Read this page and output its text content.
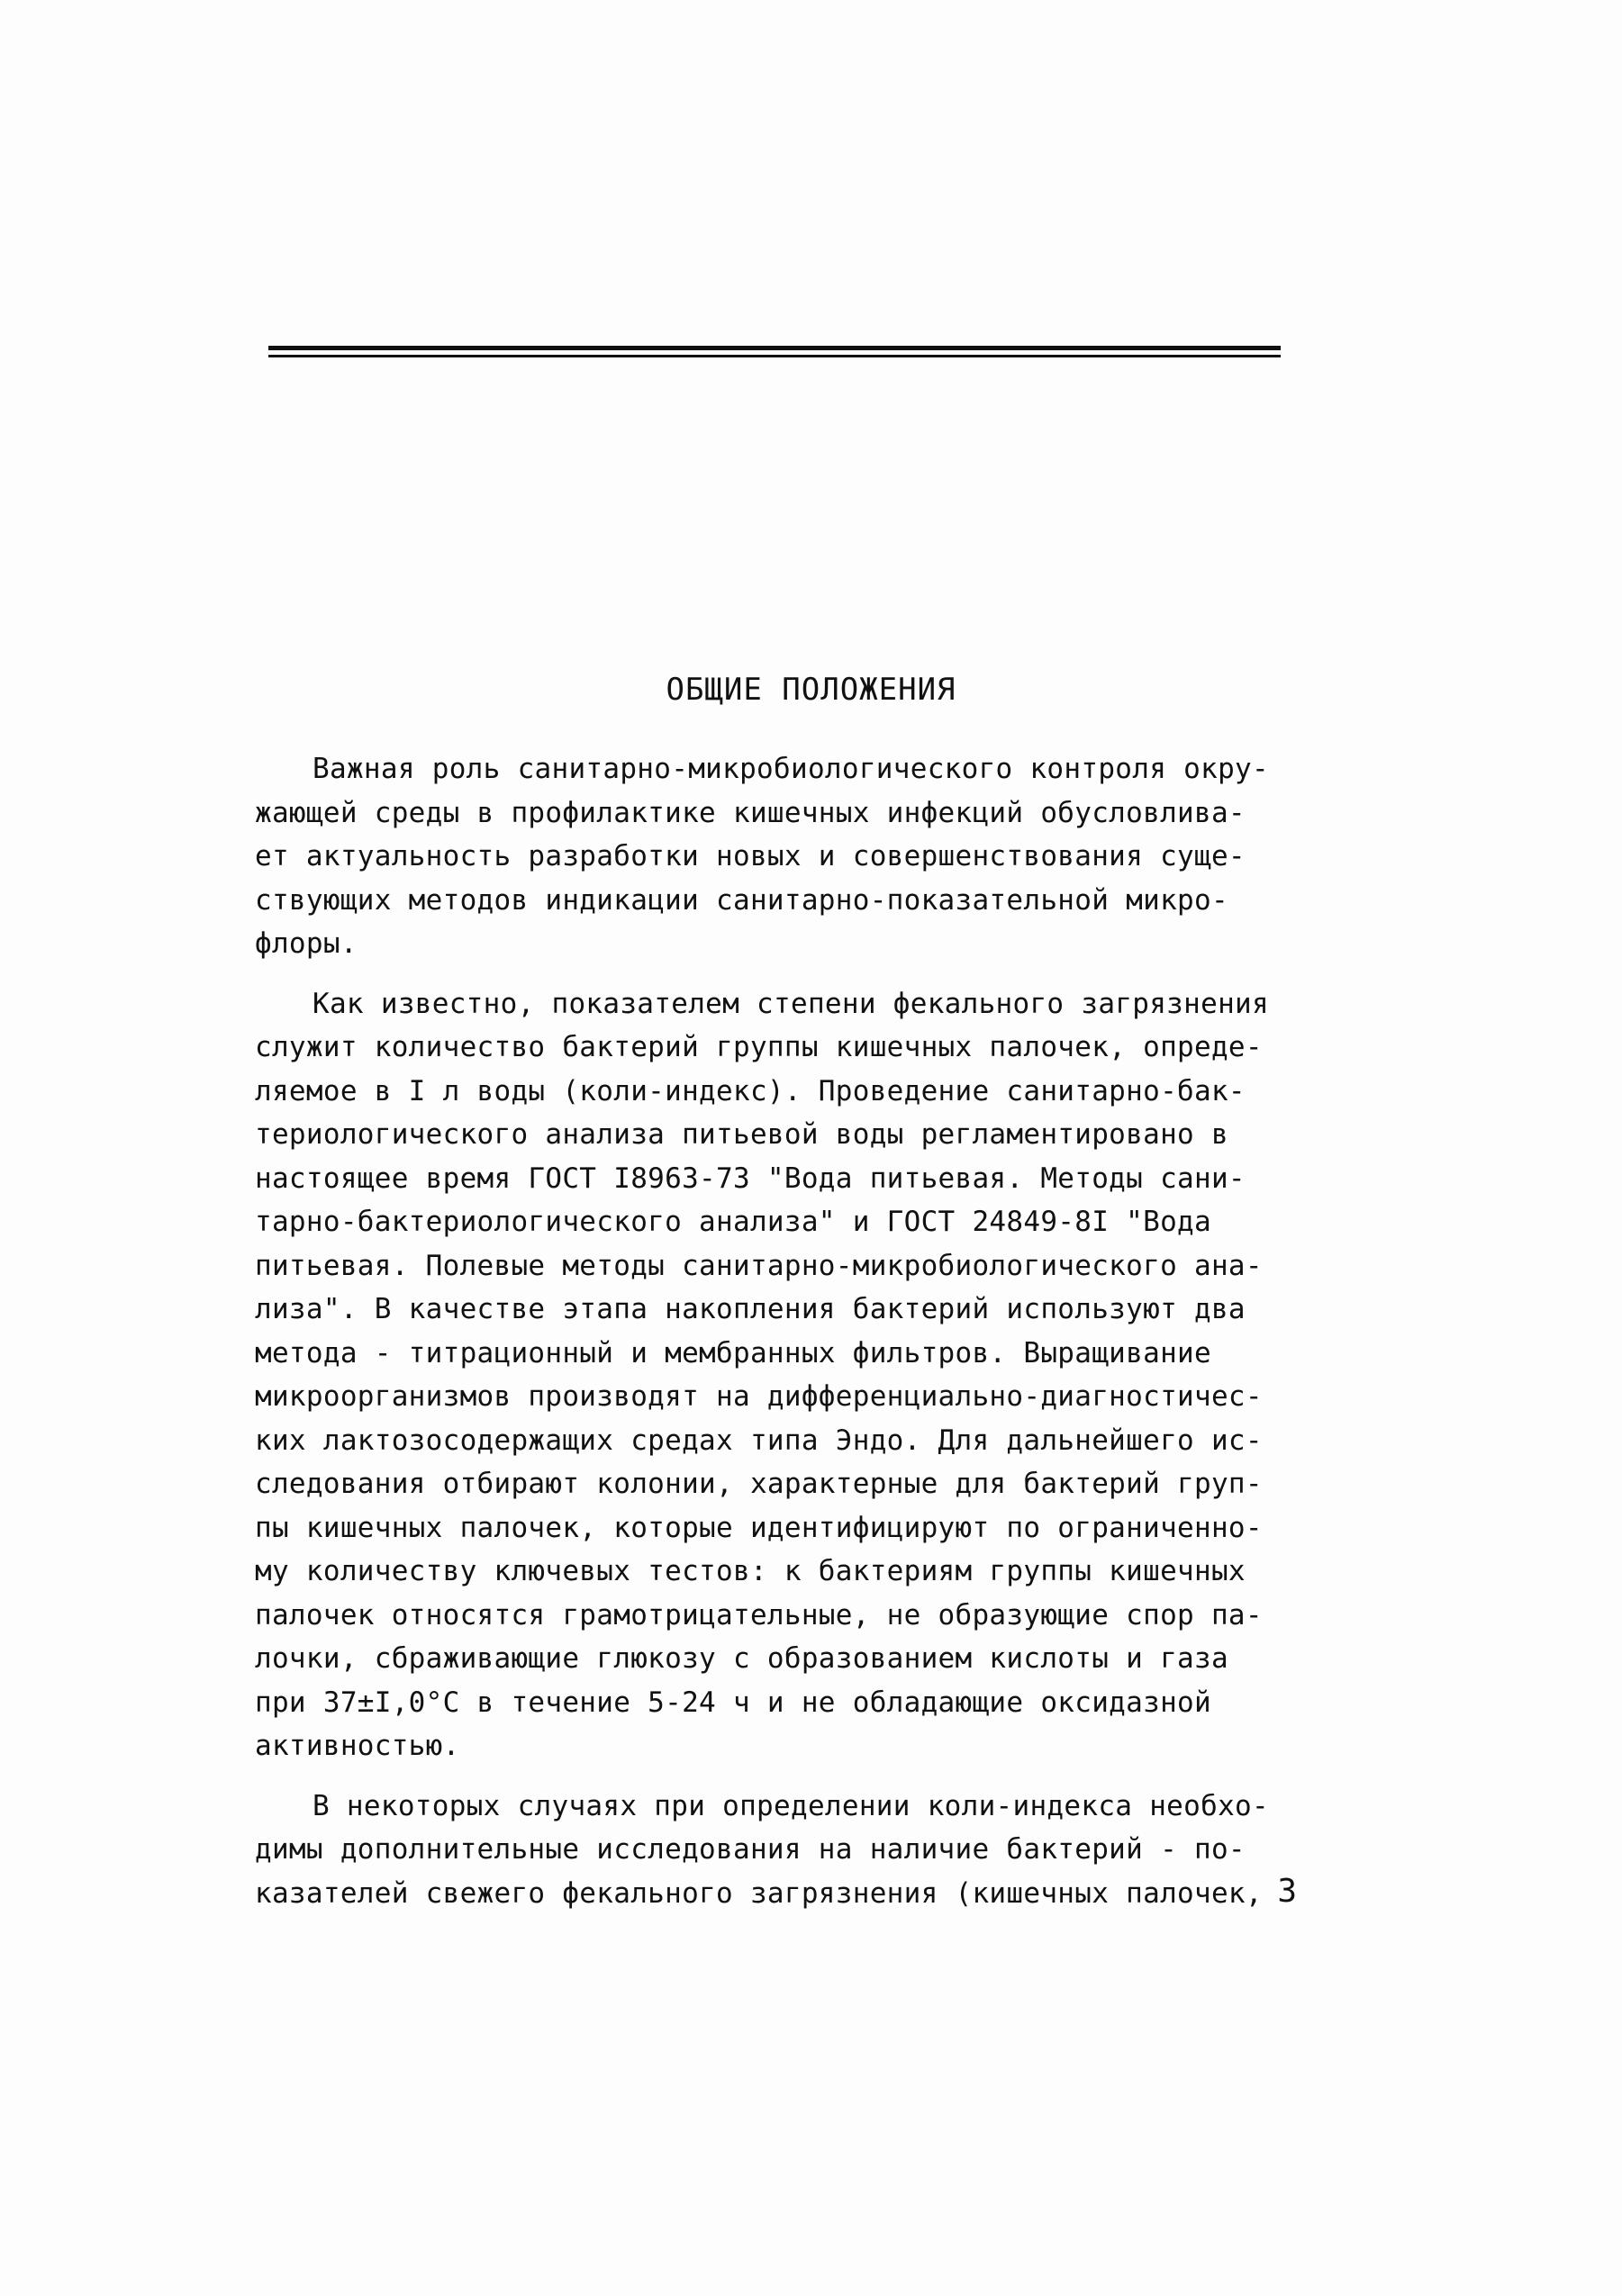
ОБЩИЕ ПОЛОЖЕНИЯ
Важная роль санитарно-микробиологического контроля окру-
жающей среды в профилактике кишечных инфекций обусловлива-
ет актуальность разработки новых и совершенствования суще-
ствующих методов индикации санитарно-показательной микро-
флоры.
Как известно, показателем степени фекального загрязнения
служит количество бактерий группы кишечных палочек, опреде-
ляемое в I л воды (коли-индекс). Проведение санитарно-бак-
териологического анализа питьевой воды регламентировано в
настоящее время ГОСТ I8963-73 "Вода питьевая. Методы сани-
тарно-бактериологического анализа" и ГОСТ 24849-8I "Вода
питьевая. Полевые методы санитарно-микробиологического ана-
лиза". В качестве этапа накопления бактерий используют два
метода - титрационный и мембранных фильтров. Выращивание
микроорганизмов производят на дифференциально-диагностичес-
ких лактозосодержащих средах типа Эндо. Для дальнейшего ис-
следования отбирают колонии, характерные для бактерий груп-
пы кишечных палочек, которые идентифицируют по ограниченно-
му количеству ключевых тестов: к бактериям группы кишечных
палочек относятся грамотрицательные, не образующие спор па-
лочки, сбраживающие глюкозу с образованием кислоты и газа
при 37±I,0°С в течение 5-24 ч и не обладающие оксидазной
активностью.
В некоторых случаях при определении коли-индекса необхо-
димы дополнительные исследования на наличие бактерий - по-
казателей свежего фекального загрязнения (кишечных палочек, 3
